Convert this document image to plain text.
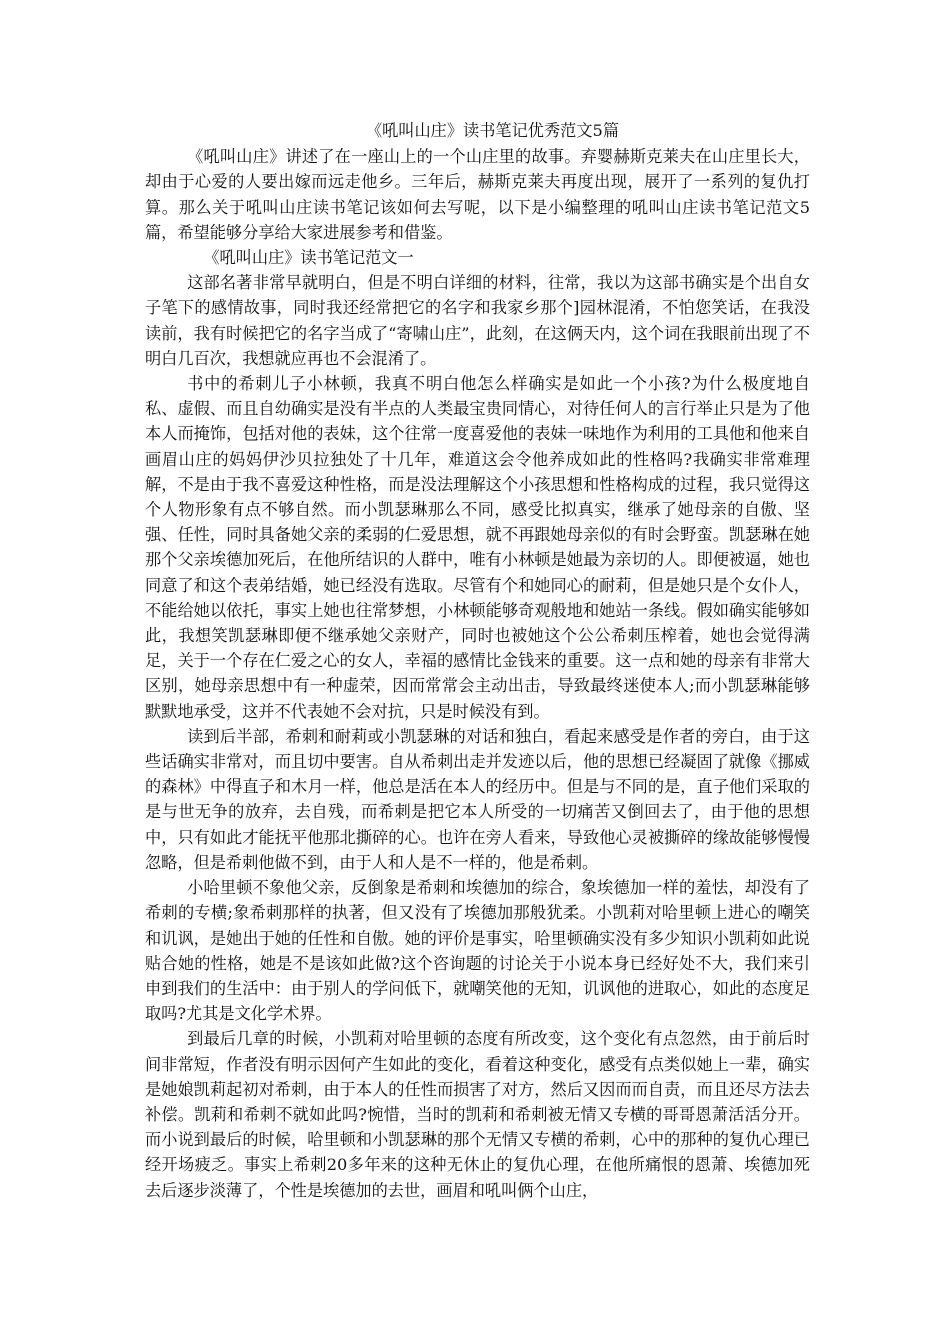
《吼叫山庄》读书笔记优秀范文5篇

《吼叫山庄》讲述了在一座山上的一个山庄里的故事。弃婴赫斯克莱夫在山庄里长大，却由于心爱的人要出嫁而远走他乡。三年后，赫斯克莱夫再度出现，展开了一系列的复仇打算。那么关于吼叫山庄读书笔记该如何去写呢，以下是小编整理的吼叫山庄读书笔记范文5篇，希望能够分享给大家进展参考和借鉴。

《吼叫山庄》读书笔记范文一

这部名著非常早就明白，但是不明白详细的材料，往常，我以为这部书确实是个出自女子笔下的感情故事，同时我还经常把它的名字和我家乡那个]园林混淆，不怕您笑话，在我没读前，我有时候把它的名字当成了“寄啸山庄”，此刻，在这俩天内，这个词在我眼前出现了不明白几百次，我想就应再也不会混淆了。

书中的希刺儿子小林顿，我真不明白他怎么样确实是如此一个小孩?为什么极度地自私、虚假、而且自幼确实是没有半点的人类最宝贵同情心，对待任何人的言行举止只是为了他本人而掩饰，包括对他的表妹，这个往常一度喜爱他的表妹一味地作为利用的工具他和他来自画眉山庄的妈妈伊沙贝拉独处了十几年，难道这会令他养成如此的性格吗?我确实非常难理解，不是由于我不喜爱这种性格，而是没法理解这个小孩思想和性格构成的过程，我只觉得这个人物形象有点不够自然。而小凯瑟琳那么不同，感受比拟真实，继承了她母亲的自傲、坚强、任性，同时具备她父亲的柔弱的仁爱思想，就不再跟她母亲似的有时会野蛮。凯瑟琳在她那个父亲埃德加死后，在他所结识的人群中，唯有小林顿是她最为亲切的人。即便被逼，她也同意了和这个表弟结婚，她已经没有选取。尽管有个和她同心的耐莉，但是她只是个女仆人，不能给她以依托，事实上她也往常梦想，小林顿能够奇观般地和她站一条线。假如确实能够如此，我想笑凯瑟琳即便不继承她父亲财产，同时也被她这个公公希刺压榨着，她也会觉得满足，关于一个存在仁爱之心的女人，幸福的感情比金钱来的重要。这一点和她的母亲有非常大区别，她母亲思想中有一种虚荣，因而常常会主动出击，导致最终迷使本人;而小凯瑟琳能够默默地承受，这并不代表她不会对抗，只是时候没有到。

读到后半部，希刺和耐莉或小凯瑟琳的对话和独白，看起来感受是作者的旁白，由于这些话确实非常对，而且切中要害。自从希刺出走并发迹以后，他的思想已经凝固了就像《挪威的森林》中得直子和木月一样，他总是活在本人的经历中。但是与不同的是，直子他们采取的是与世无争的放弃，去自残，而希刺是把它本人所受的一切痛苦又倒回去了，由于他的思想中，只有如此才能抚平他那北撕碎的心。也许在旁人看来，导致他心灵被撕碎的缘故能够慢慢忽略，但是希刺他做不到，由于人和人是不一样的，他是希刺。

小哈里顿不象他父亲，反倒象是希刺和埃德加的综合，象埃德加一样的羞怯，却没有了希刺的专横;象希刺那样的执著，但又没有了埃德加那般犹柔。小凯莉对哈里顿上进心的嘲笑和讥讽，是她出于她的任性和自傲。她的评价是事实，哈里顿确实没有多少知识小凯莉如此说贴合她的性格，她是不是该如此做?这个咨询题的讨论关于小说本身已经好处不大，我们来引申到我们的生活中：由于别人的学问低下，就嘲笑他的无知，讥讽他的进取心，如此的态度足取吗?尤其是文化学术界。

到最后几章的时候，小凯莉对哈里顿的态度有所改变，这个变化有点忽然，由于前后时间非常短，作者没有明示因何产生如此的变化，看着这种变化，感受有点类似她上一辈，确实是她娘凯莉起初对希刺，由于本人的任性而损害了对方，然后又因而而自责，而且还尽方法去补偿。凯莉和希刺不就如此吗?惋惜，当时的凯莉和希刺被无情又专横的哥哥恩萧活活分开。而小说到最后的时候，哈里顿和小凯瑟琳的那个无情又专横的希刺，心中的那种的复仇心理已经开场疲乏。事实上希刺20多年来的这种无休止的复仇心理，在他所痛恨的恩萧、埃德加死去后逐步淡薄了，个性是埃德加的去世，画眉和吼叫俩个山庄，
